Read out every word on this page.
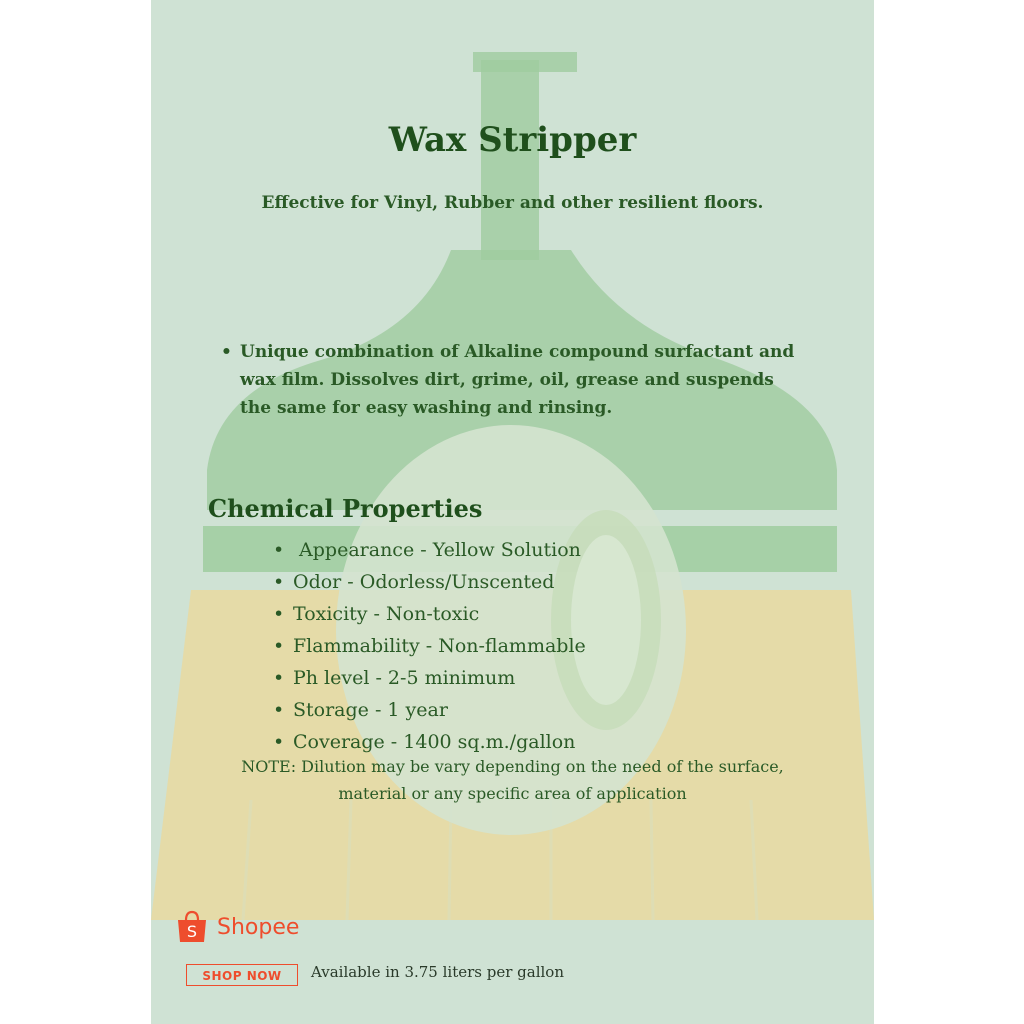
Wax Stripper

Effective for Vinyl, Rubber and other resilient floors.

• Unique combination of Alkaline compound surfactant and
wax film. Dissolves dirt, grime, oil, grease and suspends
the same for easy washing and rinsing.
Chemical Properties
• Appearance - Yellow Solution
• Odor - Odorless/Unscented
• Toxicity - Non-toxic
• Flammability - Non-flammable
• Ph level - 2-5 minimum
• Storage - 1 year
• Coverage - 1400 sq.m./gallon
NOTE: Dilution may be vary depending on the need of the surface,
material or any specific area of application
S Shopee
SHOP NOW	Available in 3.75 liters per gallon
